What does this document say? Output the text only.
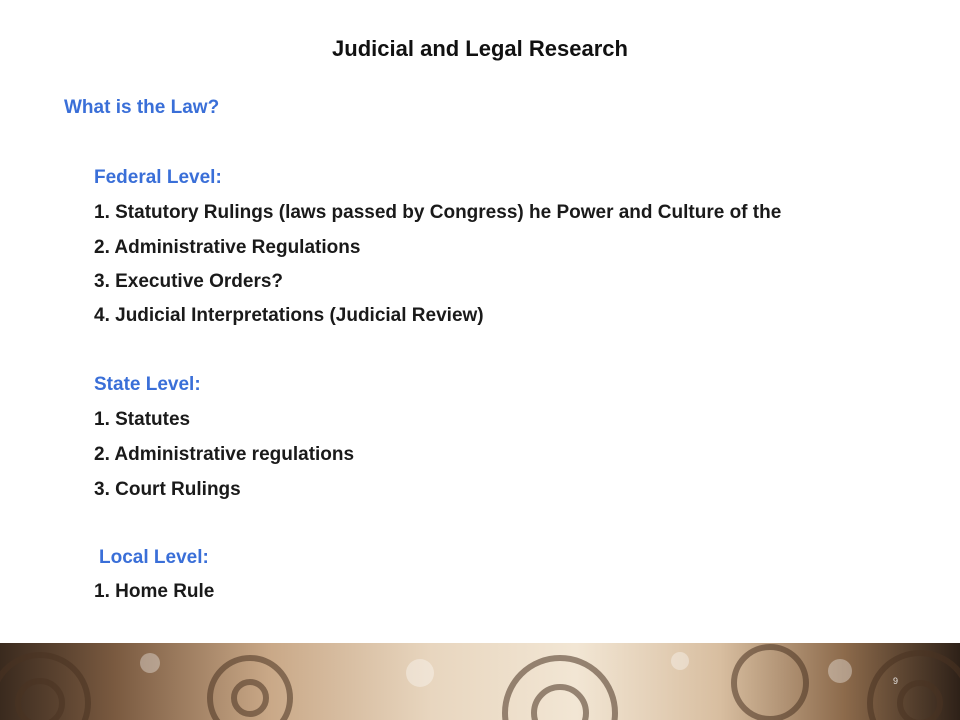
Judicial and Legal Research
What is the Law?
Federal Level:
1. Statutory Rulings (laws passed by Congress) he Power and Culture of the
2. Administrative Regulations
3. Executive Orders?
4. Judicial Interpretations (Judicial Review)
State Level:
1. Statutes
2. Administrative regulations
3. Court Rulings
Local Level:
1. Home Rule
9
